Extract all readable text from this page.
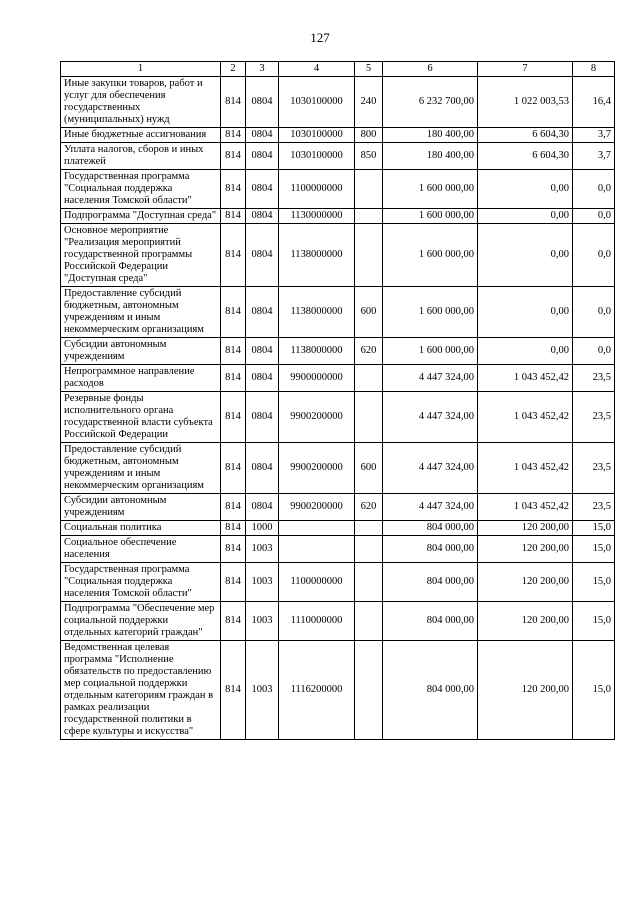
127
1	2	3	4	5	6	7	8
Иные закупки товаров, работ и услуг для обеспечения государственных (муниципальных) нужд	814	0804	1030100000	240	6 232 700,00	1 022 003,53	16,4
Иные бюджетные ассигнования	814	0804	1030100000	800	180 400,00	6 604,30	3,7
Уплата налогов, сборов и иных платежей	814	0804	1030100000	850	180 400,00	6 604,30	3,7
Государственная программа "Социальная поддержка населения Томской области"	814	0804	1100000000		1 600 000,00	0,00	0,0
Подпрограмма "Доступная среда"	814	0804	1130000000		1 600 000,00	0,00	0,0
Основное мероприятие "Реализация мероприятий государственной программы Российской Федерации "Доступная среда"	814	0804	1138000000		1 600 000,00	0,00	0,0
Предоставление субсидий бюджетным, автономным учреждениям и иным некоммерческим организациям	814	0804	1138000000	600	1 600 000,00	0,00	0,0
Субсидии автономным учреждениям	814	0804	1138000000	620	1 600 000,00	0,00	0,0
Непрограммное направление расходов	814	0804	9900000000		4 447 324,00	1 043 452,42	23,5
Резервные фонды исполнительного органа государственной власти субъекта Российской Федерации	814	0804	9900200000		4 447 324,00	1 043 452,42	23,5
Предоставление субсидий бюджетным, автономным учреждениям и иным некоммерческим организациям	814	0804	9900200000	600	4 447 324,00	1 043 452,42	23,5
Субсидии автономным учреждениям	814	0804	9900200000	620	4 447 324,00	1 043 452,42	23,5
Социальная политика	814	1000			804 000,00	120 200,00	15,0
Социальное обеспечение населения	814	1003			804 000,00	120 200,00	15,0
Государственная программа "Социальная поддержка населения Томской области"	814	1003	1100000000		804 000,00	120 200,00	15,0
Подпрограмма "Обеспечение мер социальной поддержки отдельных категорий граждан"	814	1003	1110000000		804 000,00	120 200,00	15,0
Ведомственная целевая программа "Исполнение обязательств по предоставлению мер социальной поддержки отдельным категориям граждан в рамках реализации государственной политики в сфере культуры и искусства"	814	1003	1116200000		804 000,00	120 200,00	15,0
